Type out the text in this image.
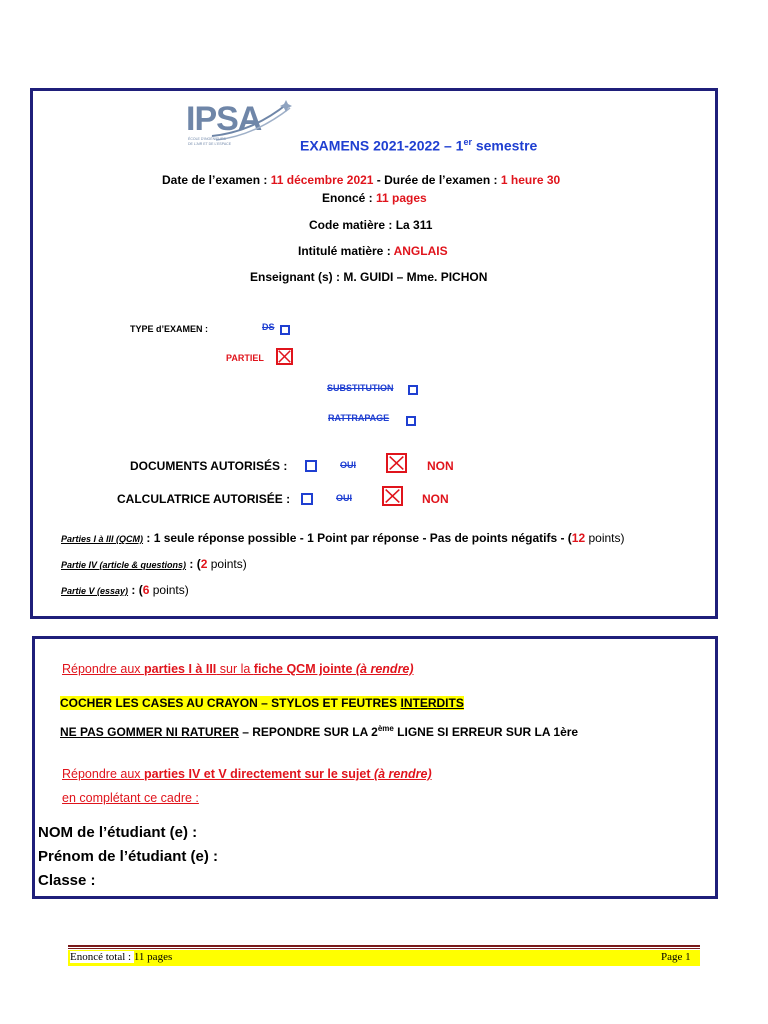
IPSA
ÉCOLE D'INGÉNIEURS
DE L'AIR ET DE L'ESPACE	EXAMENS 2021-2022 – 1er semestre
Date de l’examen : 11 décembre 2021 - Durée de l’examen : 1 heure 30
Enoncé : 11 pages
Code matière : La 311
Intitulé matière : ANGLAIS
Enseignant (s) : M. GUIDI – Mme. PICHON
TYPE d’EXAMEN :	DS
PARTIEL
SUBSTITUTION
RATTRAPAGE
DOCUMENTS AUTORISÉS :	OUI	NON
CALCULATRICE AUTORISÉE :	OUI	NON
Parties I à III (QCM) : 1 seule réponse possible - 1 Point par réponse - Pas de points négatifs - (12 points)
Partie IV (article & questions) : (2 points)
Partie V (essay) : (6 points)
Répondre aux parties I à III sur la fiche QCM jointe (à rendre)
COCHER LES CASES AU CRAYON – STYLOS ET FEUTRES INTERDITS
NE PAS GOMMER NI RATURER – REPONDRE SUR LA 2ème LIGNE SI ERREUR SUR LA 1ère
Répondre aux parties IV et V directement sur le sujet (à rendre)
en complétant ce cadre :
NOM de l’étudiant (e) :
Prénom de l’étudiant (e) :
Classe :
Enoncé total : 11 pages	Page 1
